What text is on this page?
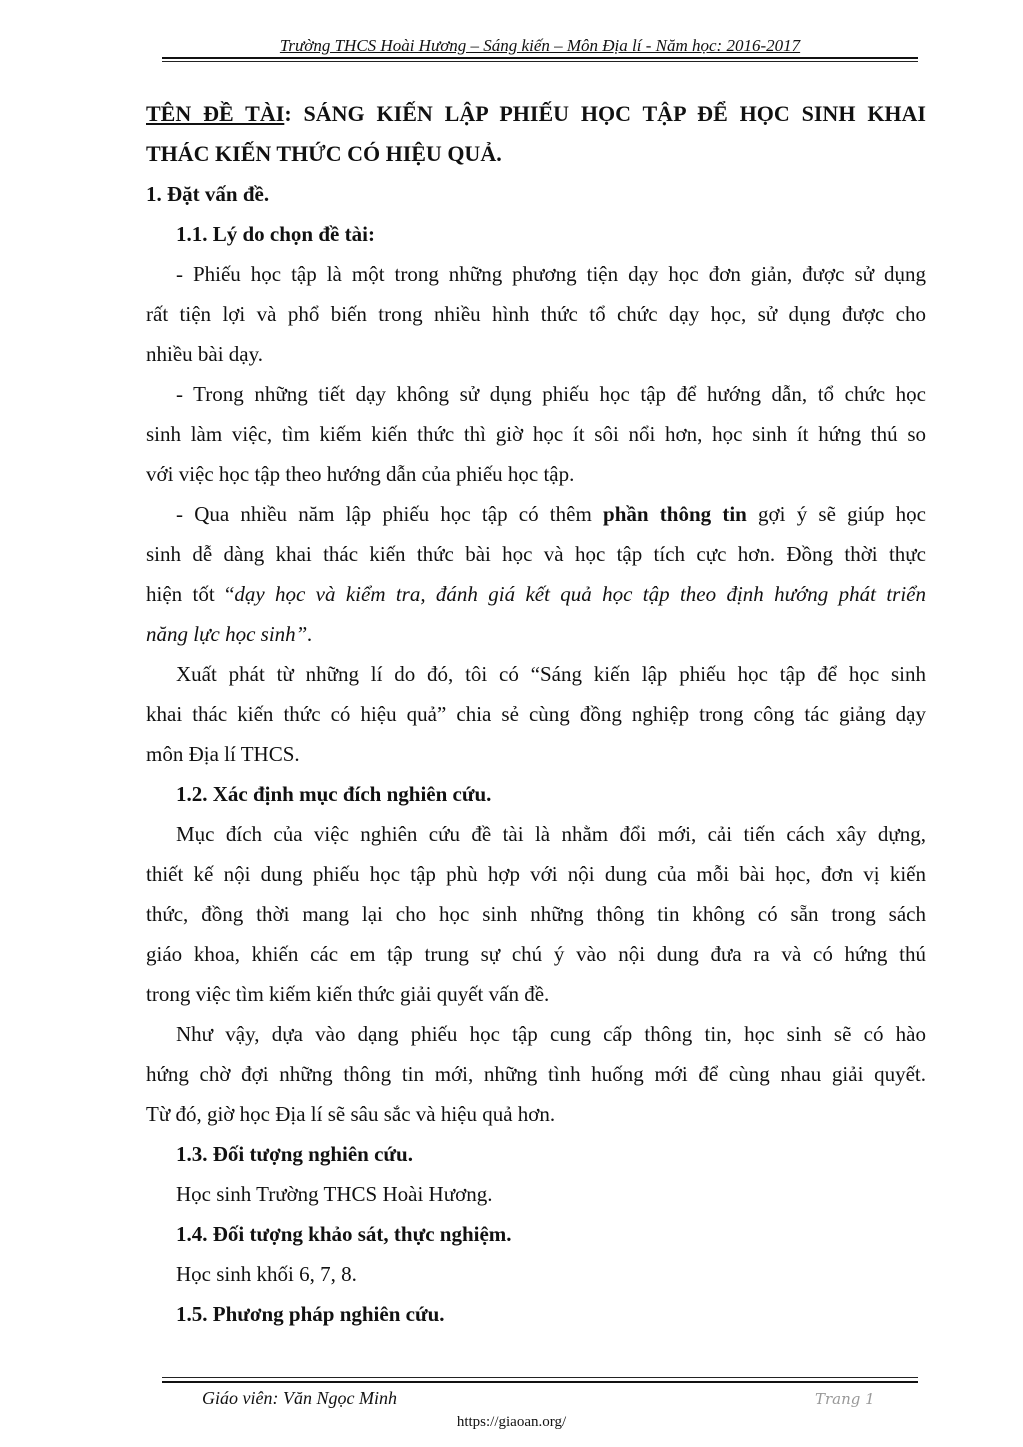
Trường THCS Hoài Hương – Sáng kiến – Môn Địa lí - Năm học: 2016-2017
TÊN ĐỀ TÀI: SÁNG KIẾN LẬP PHIẾU HỌC TẬP ĐỂ HỌC SINH KHAI
THÁC KIẾN THỨC CÓ HIỆU QUẢ.
1. Đặt vấn đề.
1.1. Lý do chọn đề tài:
- Phiếu học tập là một trong những phương tiện dạy học đơn giản, được sử dụng
rất tiện lợi và phổ biến trong nhiều hình thức tổ chức dạy học, sử dụng được cho
nhiều bài dạy.
- Trong những tiết dạy không sử dụng phiếu học tập để hướng dẫn, tổ chức học
sinh làm việc, tìm kiếm kiến thức thì giờ học ít sôi nổi hơn, học sinh ít hứng thú so
với việc học tập theo hướng dẫn của phiếu học tập.
- Qua nhiều năm lập phiếu học tập có thêm phần thông tin gợi ý sẽ giúp học
sinh dễ dàng khai thác kiến thức bài học và học tập tích cực hơn. Đồng thời thực
hiện tốt “dạy học và kiểm tra, đánh giá kết quả học tập theo định hướng phát triển
năng lực học sinh”.
Xuất phát từ những lí do đó, tôi có “Sáng kiến lập phiếu học tập để học sinh
khai thác kiến thức có hiệu quả” chia sẻ cùng đồng nghiệp trong công tác giảng dạy
môn Địa lí THCS.
1.2. Xác định mục đích nghiên cứu.
Mục đích của việc nghiên cứu đề tài là nhằm đổi mới, cải tiến cách xây dựng,
thiết kế nội dung phiếu học tập phù hợp với nội dung của mỗi bài học, đơn vị kiến
thức, đồng thời mang lại cho học sinh những thông tin không có sẵn trong sách
giáo khoa, khiến các em tập trung sự chú ý vào nội dung đưa ra và có hứng thú
trong việc tìm kiếm kiến thức giải quyết vấn đề.
Như vậy, dựa vào dạng phiếu học tập cung cấp thông tin, học sinh sẽ có hào
hứng chờ đợi những thông tin mới, những tình huống mới để cùng nhau giải quyết.
Từ đó, giờ học Địa lí sẽ sâu sắc và hiệu quả hơn.
1.3. Đối tượng nghiên cứu.
Học sinh Trường THCS Hoài Hương.
1.4. Đối tượng khảo sát, thực nghiệm.
Học sinh khối 6, 7, 8.
1.5. Phương pháp nghiên cứu.
Giáo viên: Văn Ngọc Minh	Trang 1
https://giaoan.org/
